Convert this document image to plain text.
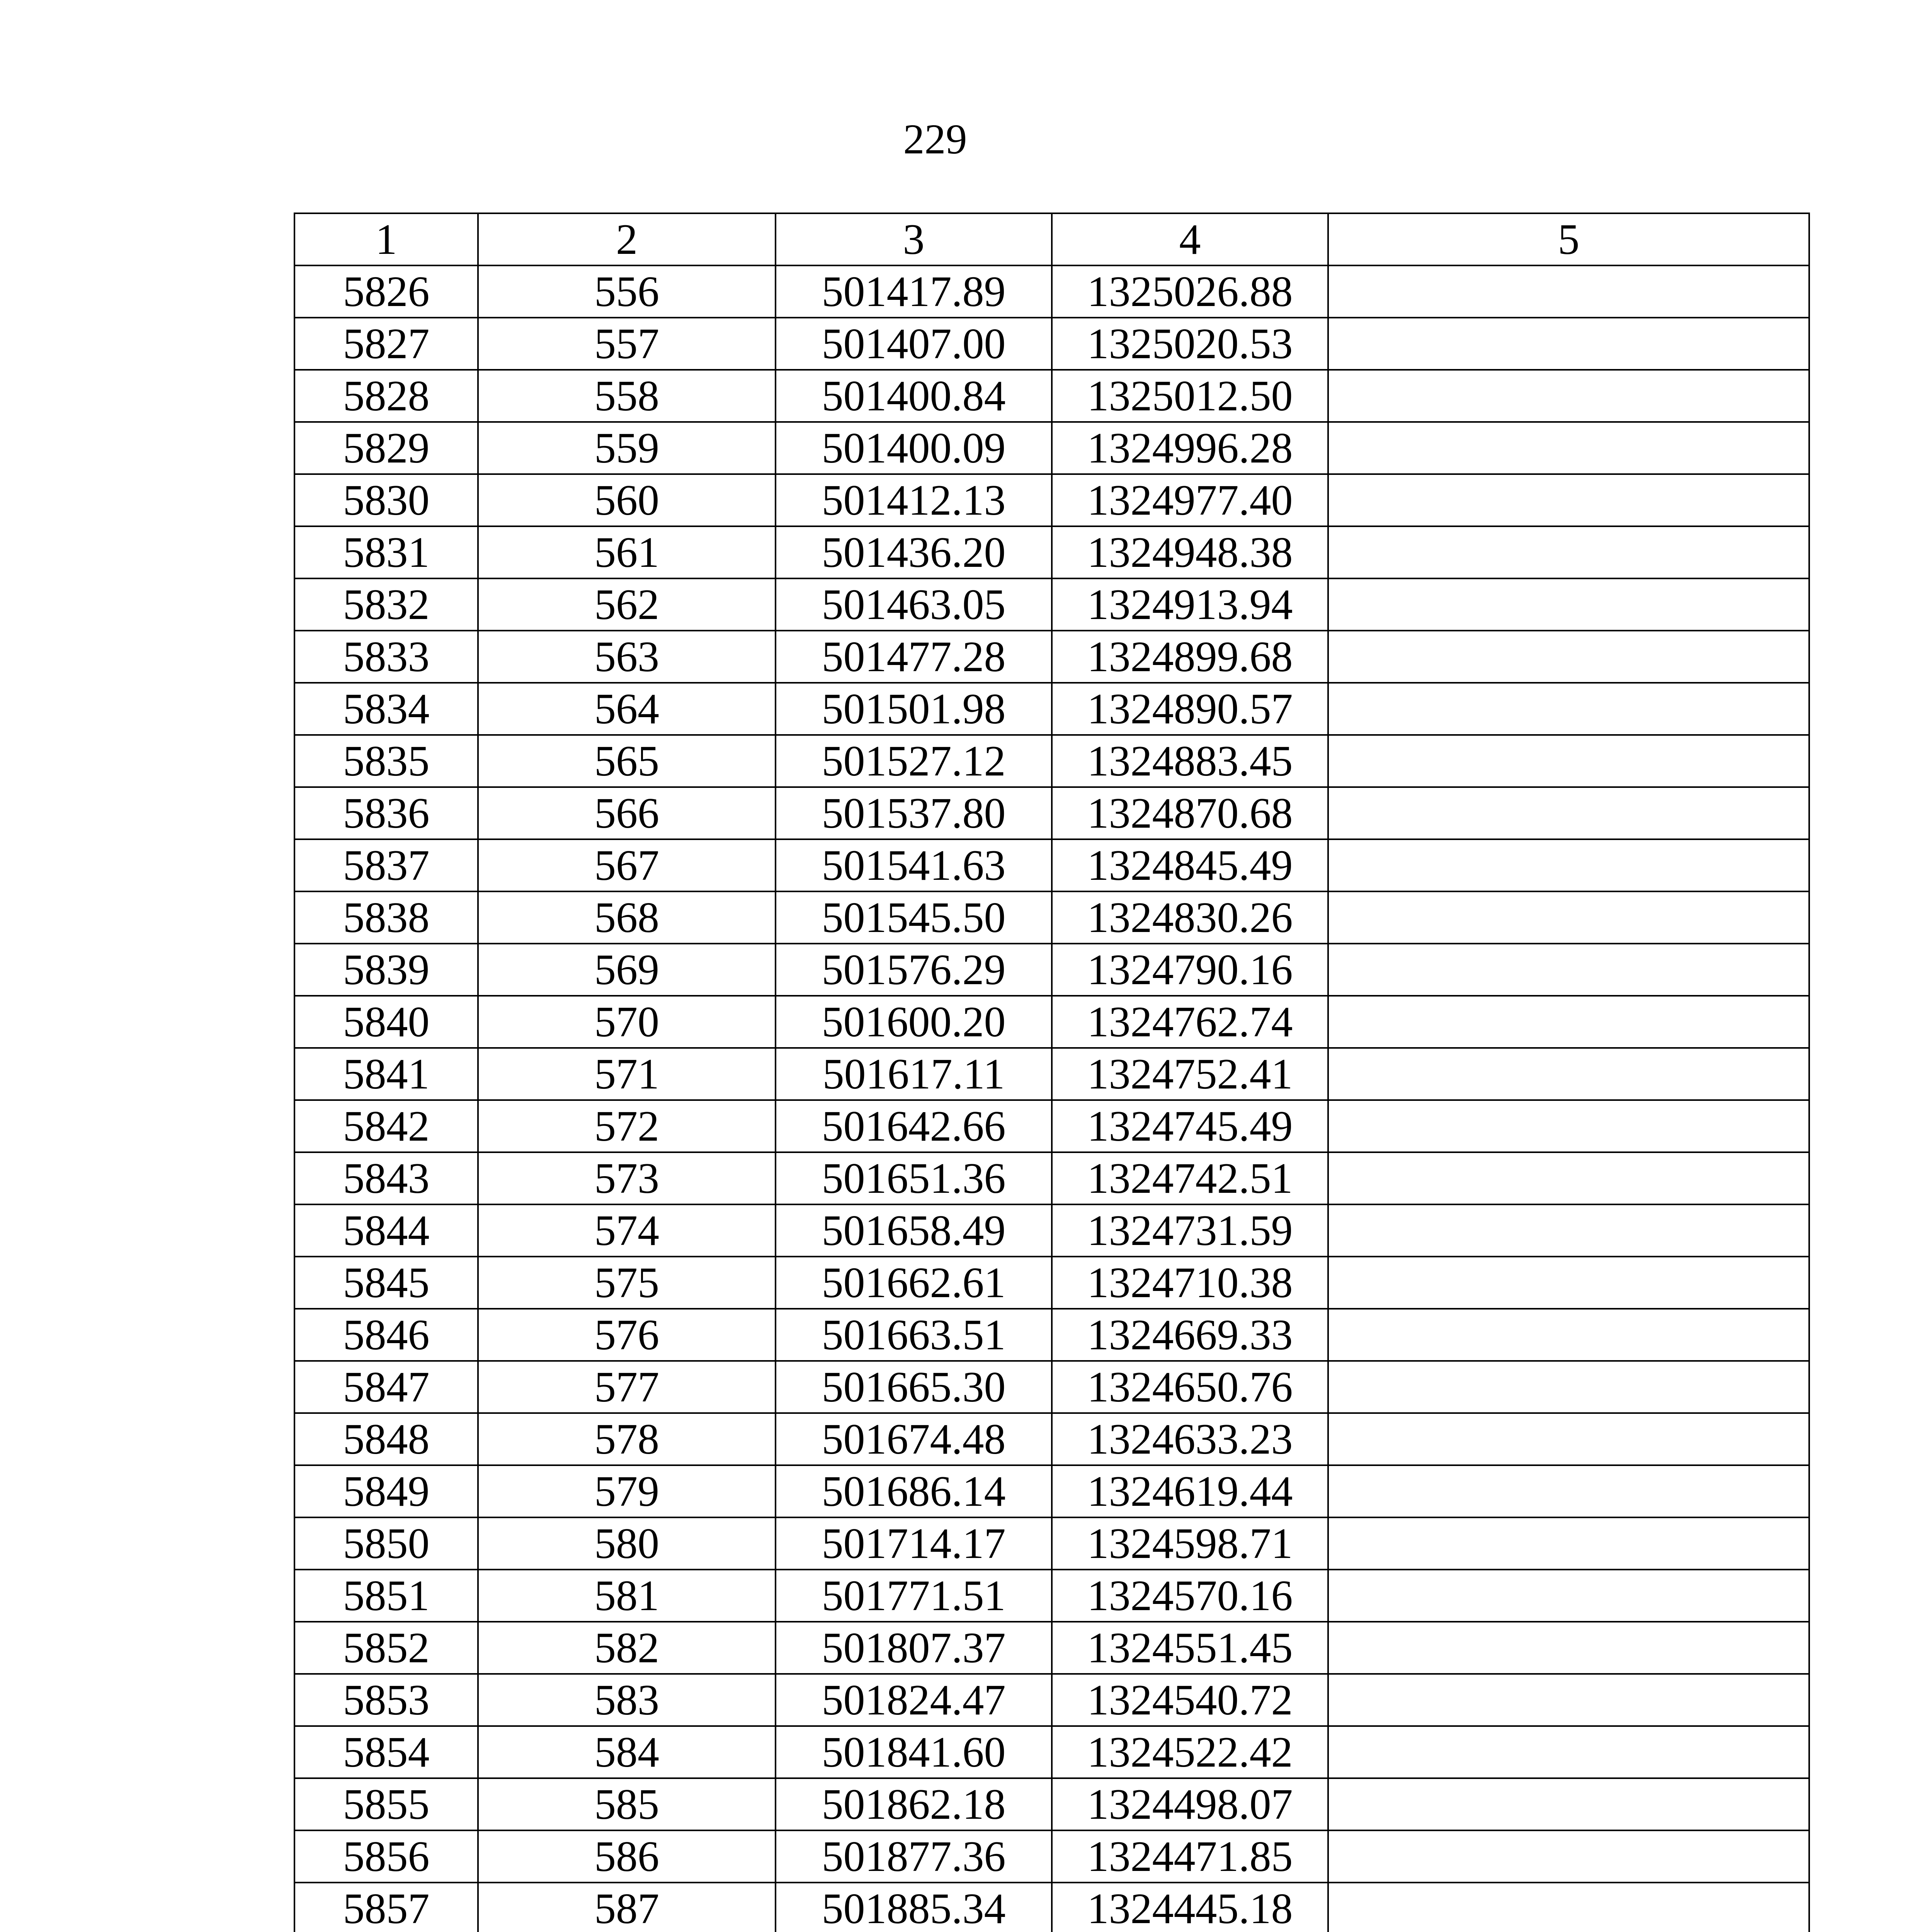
229
1	2	3	4	5
5826	556	501417.89	1325026.88	
5827	557	501407.00	1325020.53	
5828	558	501400.84	1325012.50	
5829	559	501400.09	1324996.28	
5830	560	501412.13	1324977.40	
5831	561	501436.20	1324948.38	
5832	562	501463.05	1324913.94	
5833	563	501477.28	1324899.68	
5834	564	501501.98	1324890.57	
5835	565	501527.12	1324883.45	
5836	566	501537.80	1324870.68	
5837	567	501541.63	1324845.49	
5838	568	501545.50	1324830.26	
5839	569	501576.29	1324790.16	
5840	570	501600.20	1324762.74	
5841	571	501617.11	1324752.41	
5842	572	501642.66	1324745.49	
5843	573	501651.36	1324742.51	
5844	574	501658.49	1324731.59	
5845	575	501662.61	1324710.38	
5846	576	501663.51	1324669.33	
5847	577	501665.30	1324650.76	
5848	578	501674.48	1324633.23	
5849	579	501686.14	1324619.44	
5850	580	501714.17	1324598.71	
5851	581	501771.51	1324570.16	
5852	582	501807.37	1324551.45	
5853	583	501824.47	1324540.72	
5854	584	501841.60	1324522.42	
5855	585	501862.18	1324498.07	
5856	586	501877.36	1324471.85	
5857	587	501885.34	1324445.18	
